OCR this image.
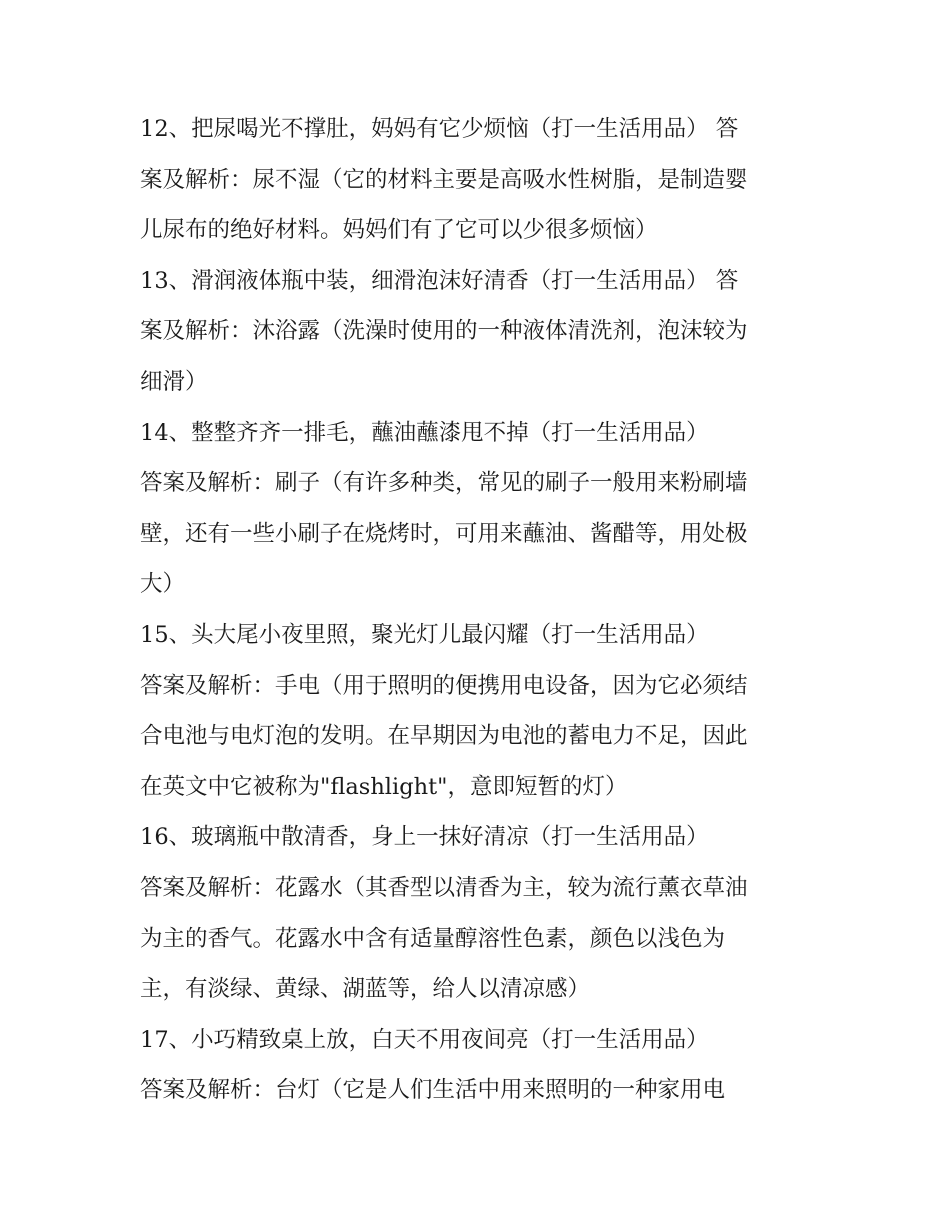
12、把尿喝光不撑肚，妈妈有它少烦恼（打一生活用品） 答
案及解析：尿不湿（它的材料主要是高吸水性树脂，是制造婴
儿尿布的绝好材料。妈妈们有了它可以少很多烦恼）
13、滑润液体瓶中装，细滑泡沫好清香（打一生活用品） 答
案及解析：沐浴露（洗澡时使用的一种液体清洗剂，泡沫较为
细滑）
14、整整齐齐一排毛，蘸油蘸漆甩不掉（打一生活用品）
答案及解析：刷子（有许多种类，常见的刷子一般用来粉刷墙
壁，还有一些小刷子在烧烤时，可用来蘸油、酱醋等，用处极
大）
15、头大尾小夜里照，聚光灯儿最闪耀（打一生活用品）
答案及解析：手电（用于照明的便携用电设备，因为它必须结
合电池与电灯泡的发明。在早期因为电池的蓄电力不足，因此
在英文中它被称为"flashlight"，意即短暂的灯）
16、玻璃瓶中散清香，身上一抹好清凉（打一生活用品）
答案及解析：花露水（其香型以清香为主，较为流行薰衣草油
为主的香气。花露水中含有适量醇溶性色素，颜色以浅色为
主，有淡绿、黄绿、湖蓝等，给人以清凉感）
17、小巧精致桌上放，白天不用夜间亮（打一生活用品）
答案及解析：台灯（它是人们生活中用来照明的一种家用电
